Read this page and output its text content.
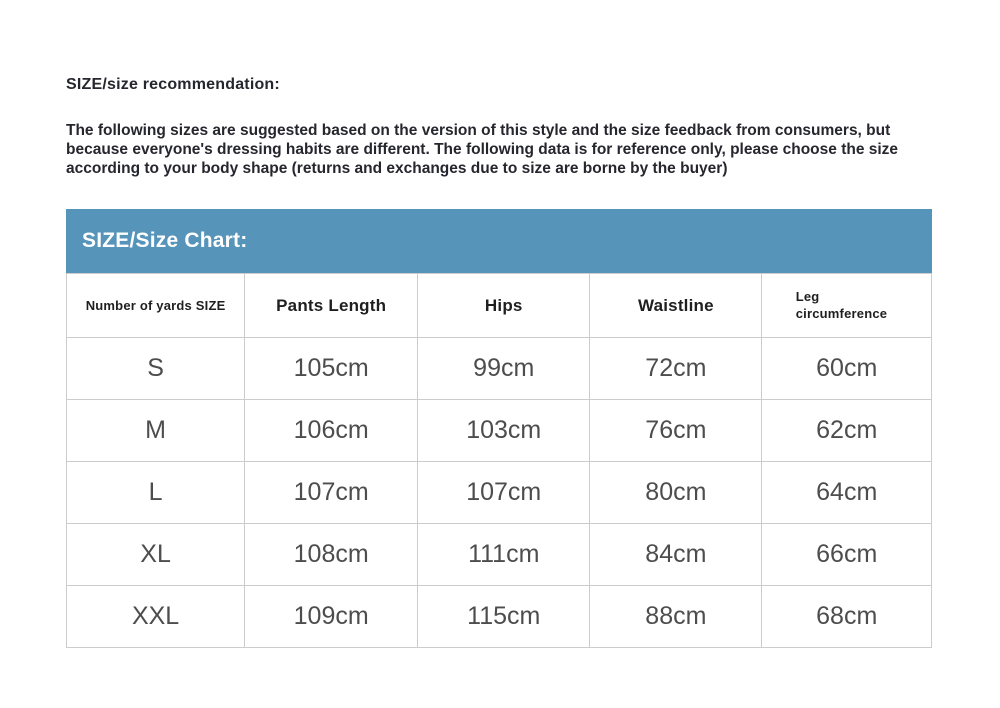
SIZE/size recommendation:

The following sizes are suggested based on the version of this style and the size feedback from consumers, but because everyone's dressing habits are different. The following data is for reference only, please choose the size according to your body shape (returns and exchanges due to size are borne by the buyer)

SIZE/Size Chart:
Number of yards SIZE	Pants Length	Hips	Waistline	Leg circumference
S	105cm	99cm	72cm	60cm
M	106cm	103cm	76cm	62cm
L	107cm	107cm	80cm	64cm
XL	108cm	111cm	84cm	66cm
XXL	109cm	115cm	88cm	68cm
